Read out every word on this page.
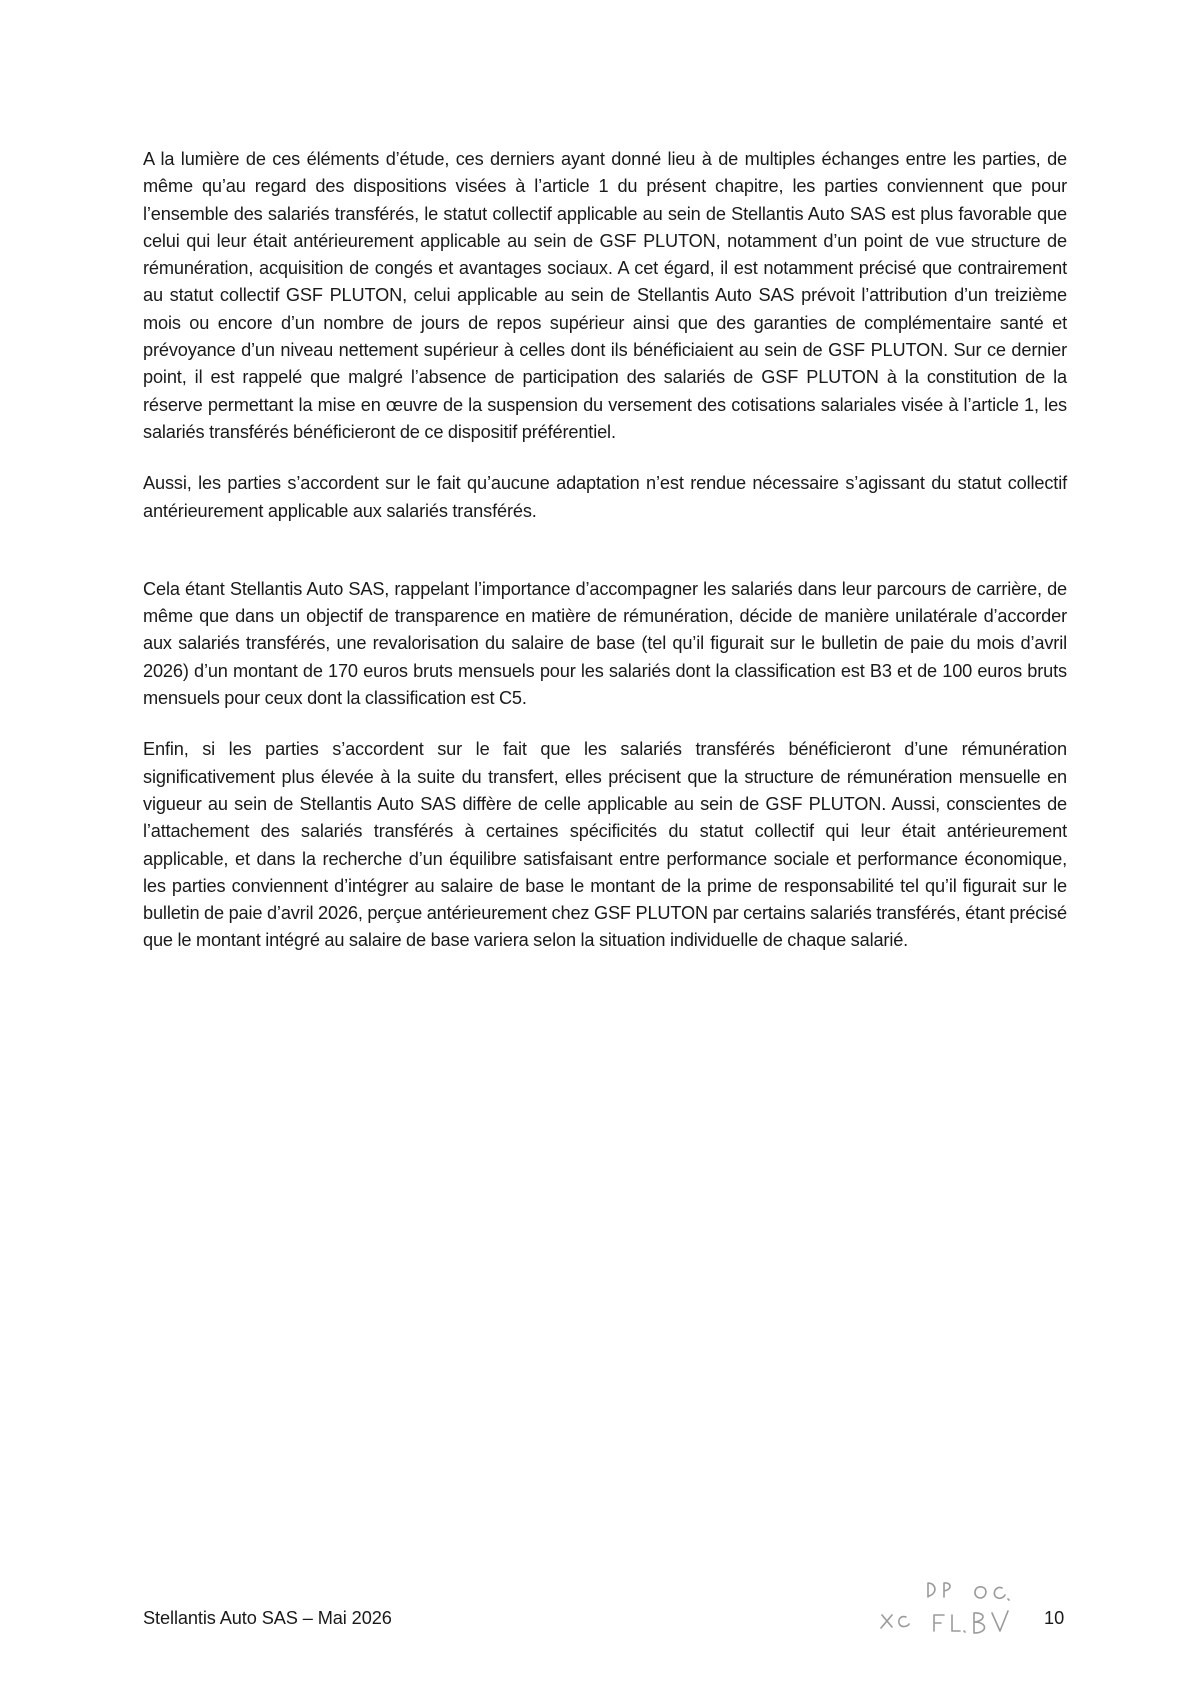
A la lumière de ces éléments d’étude, ces derniers ayant donné lieu à de multiples échanges entre les parties, de même qu’au regard des dispositions visées à l’article 1 du présent chapitre, les parties conviennent que pour l’ensemble des salariés transférés, le statut collectif applicable au sein de Stellantis Auto SAS est plus favorable que celui qui leur était antérieurement applicable au sein de GSF PLUTON, notamment d’un point de vue structure de rémunération, acquisition de congés et avantages sociaux. A cet égard, il est notamment précisé que contrairement au statut collectif GSF PLUTON, celui applicable au sein de Stellantis Auto SAS prévoit l’attribution d’un treizième mois ou encore d’un nombre de jours de repos supérieur ainsi que des garanties de complémentaire santé et prévoyance d’un niveau nettement supérieur à celles dont ils bénéficiaient au sein de GSF PLUTON. Sur ce dernier point, il est rappelé que malgré l’absence de participation des salariés de GSF PLUTON à la constitution de la réserve permettant la mise en œuvre de la suspension du versement des cotisations salariales visée à l’article 1, les salariés transférés bénéficieront de ce dispositif préférentiel.

Aussi, les parties s’accordent sur le fait qu’aucune adaptation n’est rendue nécessaire s’agissant du statut collectif antérieurement applicable aux salariés transférés.

Cela étant Stellantis Auto SAS, rappelant l’importance d’accompagner les salariés dans leur parcours de carrière, de même que dans un objectif de transparence en matière de rémunération, décide de manière unilatérale d’accorder aux salariés transférés, une revalorisation du salaire de base (tel qu’il figurait sur le bulletin de paie du mois d’avril 2026) d’un montant de 170 euros bruts mensuels pour les salariés dont la classification est B3 et de 100 euros bruts mensuels pour ceux dont la classification est C5.

Enfin, si les parties s’accordent sur le fait que les salariés transférés bénéficieront d’une rémunération significativement plus élevée à la suite du transfert, elles précisent que la structure de rémunération mensuelle en vigueur au sein de Stellantis Auto SAS diffère de celle applicable au sein de GSF PLUTON. Aussi, conscientes de l’attachement des salariés transférés à certaines spécificités du statut collectif qui leur était antérieurement applicable, et dans la recherche d’un équilibre satisfaisant entre performance sociale et performance économique, les parties conviennent d’intégrer au salaire de base le montant de la prime de responsabilité tel qu’il figurait sur le bulletin de paie d’avril 2026, perçue antérieurement chez GSF PLUTON par certains salariés transférés, étant précisé que le montant intégré au salaire de base variera selon la situation individuelle de chaque salarié.

Stellantis Auto SAS – Mai 2026	10
